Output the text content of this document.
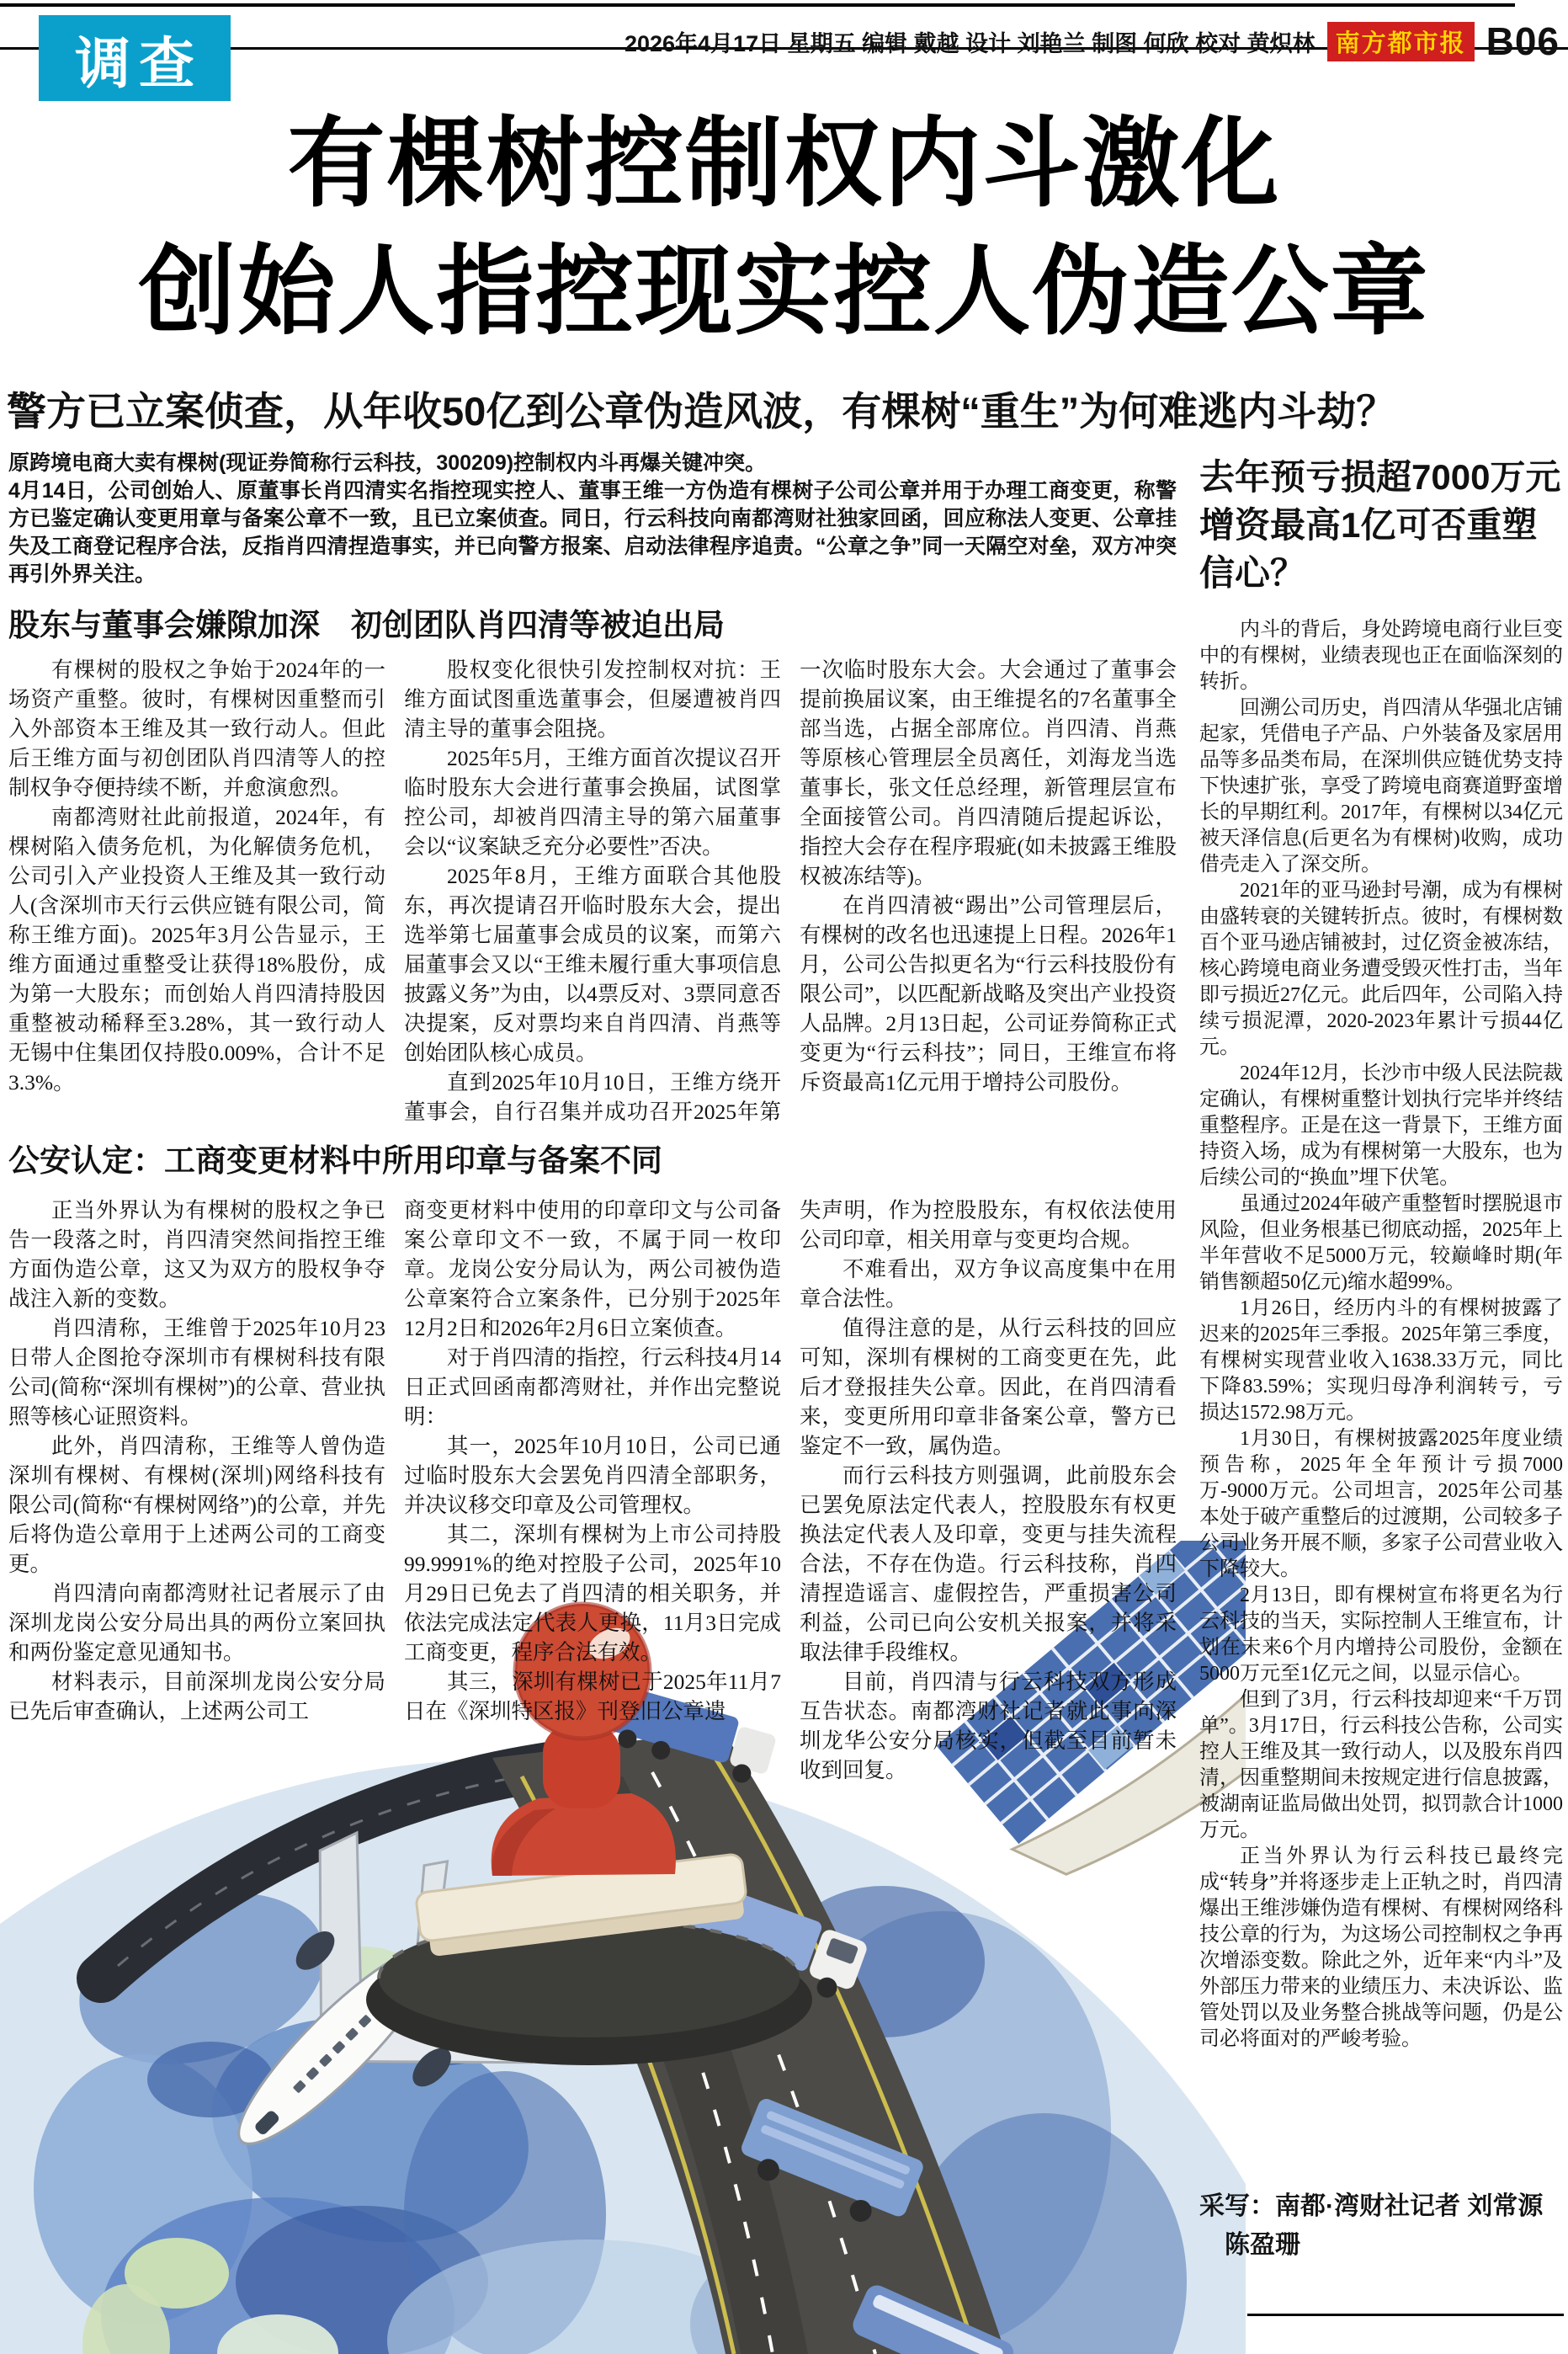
调查	2026年4月17日 星期五 编辑 戴越 设计 刘艳兰 制图 何欣 校对 黄炽林 南方都市报 B06
有棵树控制权内斗激化
创始人指控现实控人伪造公章
警方已立案侦查，从年收50亿到公章伪造风波，有棵树“重生”为何难逃内斗劫？

原跨境电商大卖有棵树(现证券简称行云科技，300209)控制权内斗再爆关键冲突。

4月14日，公司创始人、原董事长肖四清实名指控现实控人、董事王维一方伪造有棵树子公司公章并用于办理工商变更，称警方已鉴定确认变更用章与备案公章不一致，且已立案侦查。同日，行云科技向南都湾财社独家回函，回应称法人变更、公章挂失及工商登记程序合法，反指肖四清捏造事实，并已向警方报案、启动法律程序追责。“公章之争”同一天隔空对垒，双方冲突再引外界关注。

股东与董事会嫌隙加深　初创团队肖四清等被迫出局

有棵树的股权之争始于2024年的一场资产重整。彼时，有棵树因重整而引入外部资本王维及其一致行动人。但此后王维方面与初创团队肖四清等人的控制权争夺便持续不断，并愈演愈烈。

南都湾财社此前报道，2024年，有棵树陷入债务危机，为化解债务危机，公司引入产业投资人王维及其一致行动人(含深圳市天行云供应链有限公司，简称王维方面)。2025年3月公告显示，王维方面通过重整受让获得18%股份，成为第一大股东；而创始人肖四清持股因重整被动稀释至3.28%，其一致行动人无锡中住集团仅持股0.009%，合计不足3.3%。

股权变化很快引发控制权对抗：王维方面试图重选董事会，但屡遭被肖四清主导的董事会阻挠。

2025年5月，王维方面首次提议召开临时股东大会进行董事会换届，试图掌控公司，却被肖四清主导的第六届董事会以“议案缺乏充分必要性”否决。

2025年8月，王维方面联合其他股东，再次提请召开临时股东大会，提出选举第七届董事会成员的议案，而第六届董事会又以“王维未履行重大事项信息披露义务”为由，以4票反对、3票同意否决提案，反对票均来自肖四清、肖燕等创始团队核心成员。

直到2025年10月10日，王维方绕开董事会，自行召集并成功召开2025年第一次临时股东大会。大会通过了董事会提前换届议案，由王维提名的7名董事全部当选，占据全部席位。肖四清、肖燕等原核心管理层全员离任，刘海龙当选董事长，张文任总经理，新管理层宣布全面接管公司。肖四清随后提起诉讼，指控大会存在程序瑕疵(如未披露王维股权被冻结等)。

在肖四清被“踢出”公司管理层后，有棵树的改名也迅速提上日程。2026年1月，公司公告拟更名为“行云科技股份有限公司”，以匹配新战略及突出产业投资人品牌。2月13日起，公司证券简称正式变更为“行云科技”；同日，王维宣布将斥资最高1亿元用于增持公司股份。

公安认定：工商变更材料中所用印章与备案不同

正当外界认为有棵树的股权之争已告一段落之时，肖四清突然间指控王维方面伪造公章，这又为双方的股权争夺战注入新的变数。

肖四清称，王维曾于2025年10月23日带人企图抢夺深圳市有棵树科技有限公司(简称“深圳有棵树”)的公章、营业执照等核心证照资料。

此外，肖四清称，王维等人曾伪造深圳有棵树、有棵树(深圳)网络科技有限公司(简称“有棵树网络”)的公章，并先后将伪造公章用于上述两公司的工商变更。

肖四清向南都湾财社记者展示了由深圳龙岗公安分局出具的两份立案回执和两份鉴定意见通知书。

材料表示，目前深圳龙岗公安分局已先后审查确认，上述两公司工

商变更材料中使用的印章印文与公司备案公章印文不一致，不属于同一枚印章。龙岗公安分局认为，两公司被伪造公章案符合立案条件，已分别于2025年12月2日和2026年2月6日立案侦查。

对于肖四清的指控，行云科技4月14日正式回函南都湾财社，并作出完整说明：

其一，2025年10月10日，公司已通过临时股东大会罢免肖四清全部职务，并决议移交印章及公司管理权。

其二，深圳有棵树为上市公司持股99.9991%的绝对控股子公司，2025年10月29日已免去了肖四清的相关职务，并依法完成法定代表人更换，11月3日完成工商变更，程序合法有效。

其三，深圳有棵树已于2025年11月7日在《深圳特区报》刊登旧公章遗

失声明，作为控股股东，有权依法使用公司印章，相关用章与变更均合规。

不难看出，双方争议高度集中在用章合法性。

值得注意的是，从行云科技的回应可知，深圳有棵树的工商变更在先，此后才登报挂失公章。因此，在肖四清看来，变更所用印章非备案公章，警方已鉴定不一致，属伪造。

而行云科技方则强调，此前股东会已罢免原法定代表人，控股股东有权更换法定代表人及印章，变更与挂失流程合法，不存在伪造。行云科技称，肖四清捏造谣言、虚假控告，严重损害公司利益，公司已向公安机关报案，并将采取法律手段维权。

目前，肖四清与行云科技双方形成互告状态。南都湾财社记者就此事向深圳龙华公安分局核实，但截至目前暂未收到回复。

去年预亏损超7000万元
增资最高1亿可否重塑信心？

内斗的背后，身处跨境电商行业巨变中的有棵树，业绩表现也正在面临深刻的转折。

回溯公司历史，肖四清从华强北店铺起家，凭借电子产品、户外装备及家居用品等多品类布局，在深圳供应链优势支持下快速扩张，享受了跨境电商赛道野蛮增长的早期红利。2017年，有棵树以34亿元被天泽信息(后更名为有棵树)收购，成功借壳走入了深交所。

2021年的亚马逊封号潮，成为有棵树由盛转衰的关键转折点。彼时，有棵树数百个亚马逊店铺被封，过亿资金被冻结，核心跨境电商业务遭受毁灭性打击，当年即亏损近27亿元。此后四年，公司陷入持续亏损泥潭，2020-2023年累计亏损44亿元。

2024年12月，长沙市中级人民法院裁定确认，有棵树重整计划执行完毕并终结重整程序。正是在这一背景下，王维方面持资入场，成为有棵树第一大股东，也为后续公司的“换血”埋下伏笔。

虽通过2024年破产重整暂时摆脱退市风险，但业务根基已彻底动摇，2025年上半年营收不足5000万元，较巅峰时期(年销售额超50亿元)缩水超99%。

1月26日，经历内斗的有棵树披露了迟来的2025年三季报。2025年第三季度，有棵树实现营业收入1638.33万元，同比下降83.59%；实现归母净利润转亏，亏损达1572.98万元。

1月30日，有棵树披露2025年度业绩预告称，2025年全年预计亏损7000万-9000万元。公司坦言，2025年公司基本处于破产重整后的过渡期，公司较多子公司业务开展不顺，多家子公司营业收入下降较大。

2月13日，即有棵树宣布将更名为行云科技的当天，实际控制人王维宣布，计划在未来6个月内增持公司股份，金额在5000万元至1亿元之间，以显示信心。

但到了3月，行云科技却迎来“千万罚单”。3月17日，行云科技公告称，公司实控人王维及其一致行动人，以及股东肖四清，因重整期间未按规定进行信息披露，被湖南证监局做出处罚，拟罚款合计1000万元。

正当外界认为行云科技已最终完成“转身”并将逐步走上正轨之时，肖四清爆出王维涉嫌伪造有棵树、有棵树网络科技公章的行为，为这场公司控制权之争再次增添变数。除此之外，近年来“内斗”及外部压力带来的业绩压力、未决诉讼、监管处罚以及业务整合挑战等问题，仍是公司必将面对的严峻考验。

采写：南都·湾财社记者 刘常源
陈盈珊
